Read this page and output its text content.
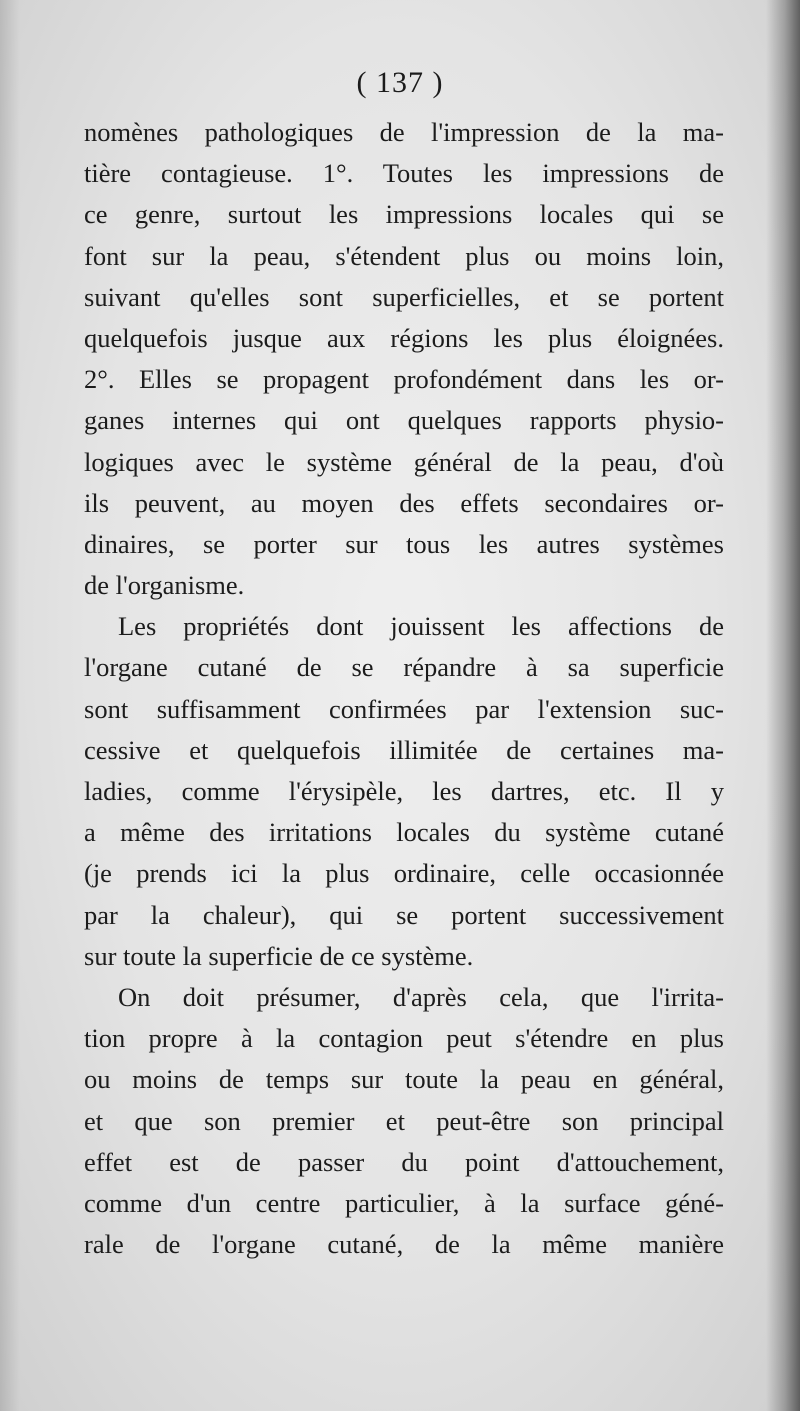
( 137 )
nomènes pathologiques de l'impression de la ma-
tière contagieuse. 1°. Toutes les impressions de
ce genre, surtout les impressions locales qui se
font sur la peau, s'étendent plus ou moins loin,
suivant qu'elles sont superficielles, et se portent
quelquefois jusque aux régions les plus éloignées.
2°. Elles se propagent profondément dans les or-
ganes internes qui ont quelques rapports physio-
logiques avec le système général de la peau, d'où
ils peuvent, au moyen des effets secondaires or-
dinaires, se porter sur tous les autres systèmes
de l'organisme.
Les propriétés dont jouissent les affections de
l'organe cutané de se répandre à sa superficie
sont suffisamment confirmées par l'extension suc-
cessive et quelquefois illimitée de certaines ma-
ladies, comme l'érysipèle, les dartres, etc. Il y
a même des irritations locales du système cutané
(je prends ici la plus ordinaire, celle occasionnée
par la chaleur), qui se portent successivement
sur toute la superficie de ce système.
On doit présumer, d'après cela, que l'irrita-
tion propre à la contagion peut s'étendre en plus
ou moins de temps sur toute la peau en général,
et que son premier et peut-être son principal
effet est de passer du point d'attouchement,
comme d'un centre particulier, à la surface géné-
rale de l'organe cutané, de la même manière
